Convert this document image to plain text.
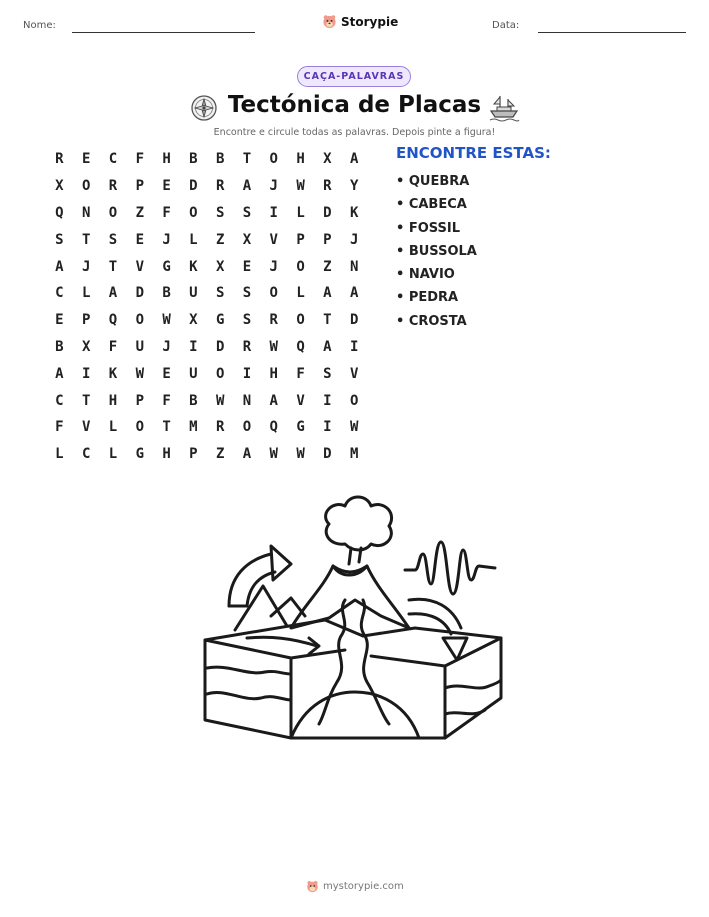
Nome:	Storypie	Data:
CAÇA-PALAVRAS
Tectónica de Placas
Encontre e circule todas as palavras. Depois pinte a figura!
R	E	C	F	H	B	B	T	O	H	X	A
X	O	R	P	E	D	R	A	J	W	R	Y
Q	N	O	Z	F	O	S	S	I	L	D	K
S	T	S	E	J	L	Z	X	V	P	P	J
A	J	T	V	G	K	X	E	J	O	Z	N
C	L	A	D	B	U	S	S	O	L	A	A
E	P	Q	O	W	X	G	S	R	O	T	D
B	X	F	U	J	I	D	R	W	Q	A	I
A	I	K	W	E	U	O	I	H	F	S	V
C	T	H	P	F	B	W	N	A	V	I	O
F	V	L	O	T	M	R	O	Q	G	I	W
L	C	L	G	H	P	Z	A	W	W	D	M
ENCONTRE ESTAS:
• QUEBRA
• CABECA
• FOSSIL
• BUSSOLA
• NAVIO
• PEDRA
• CROSTA
mystorypie.com
